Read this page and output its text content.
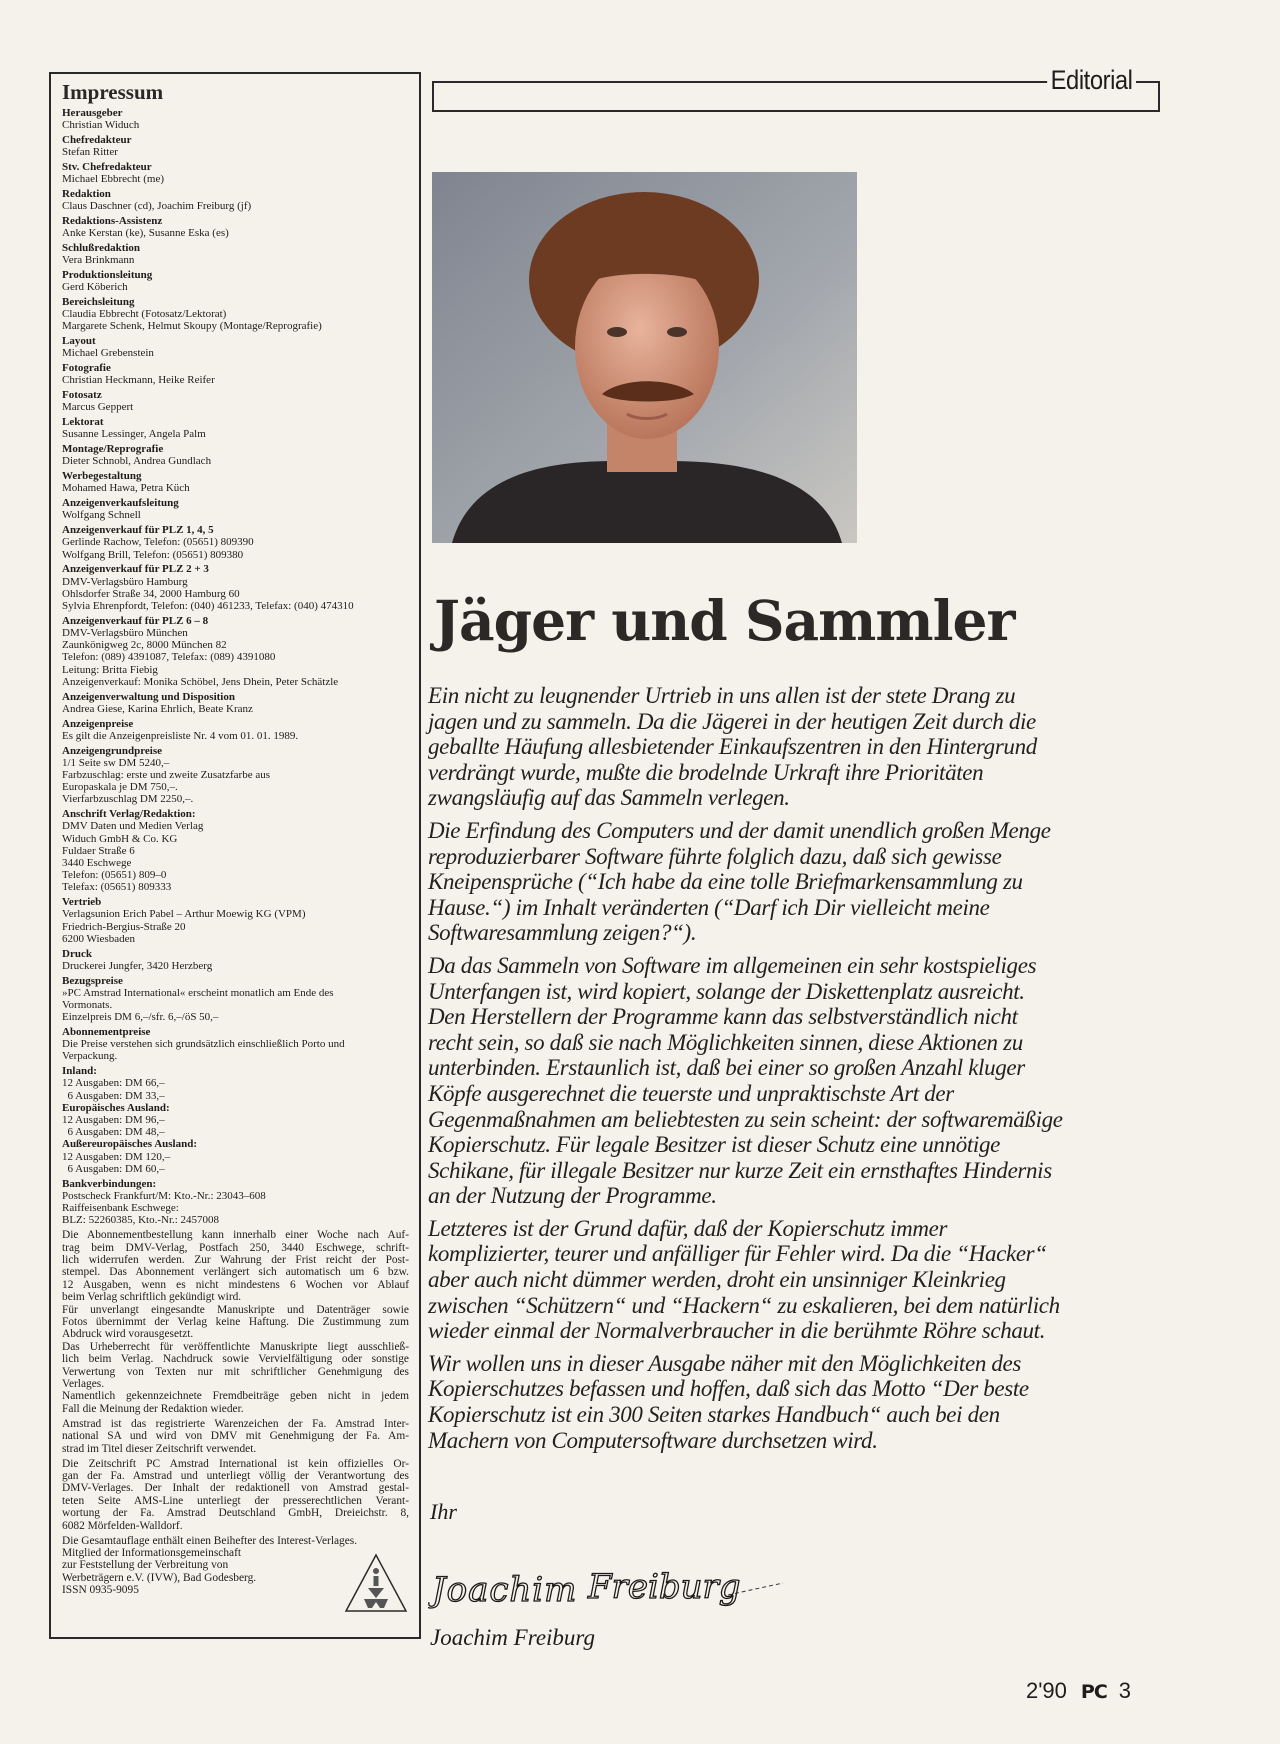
Impressum
Herausgeber
Christian Widuch
Chefredakteur
Stefan Ritter
Stv. Chefredakteur
Michael Ebbrecht (me)
Redaktion
Claus Daschner (cd), Joachim Freiburg (jf)
Redaktions-Assistenz
Anke Kerstan (ke), Susanne Eska (es)
Schlußredaktion
Vera Brinkmann
Produktionsleitung
Gerd Köberich
Bereichsleitung
Claudia Ebbrecht (Fotosatz/Lektorat)
Margarete Schenk, Helmut Skoupy (Montage/Reprografie)
Layout
Michael Grebenstein
Fotografie
Christian Heckmann, Heike Reifer
Fotosatz
Marcus Geppert
Lektorat
Susanne Lessinger, Angela Palm
Montage/Reprografie
Dieter Schnobl, Andrea Gundlach
Werbegestaltung
Mohamed Hawa, Petra Küch
Anzeigenverkaufsleitung
Wolfgang Schnell
Anzeigenverkauf für PLZ 1, 4, 5
Gerlinde Rachow, Telefon: (05651) 809390
Wolfgang Brill, Telefon: (05651) 809380
Anzeigenverkauf für PLZ 2 + 3
DMV-Verlagsbüro Hamburg
Ohlsdorfer Straße 34, 2000 Hamburg 60
Sylvia Ehrenpfordt, Telefon: (040) 461233, Telefax: (040) 474310
Anzeigenverkauf für PLZ 6 – 8
DMV-Verlagsbüro München
Zaunkönigweg 2c, 8000 München 82
Telefon: (089) 4391087, Telefax: (089) 4391080
Leitung: Britta Fiebig
Anzeigenverkauf: Monika Schöbel, Jens Dhein, Peter Schätzle
Anzeigenverwaltung und Disposition
Andrea Giese, Karina Ehrlich, Beate Kranz
Anzeigenpreise
Es gilt die Anzeigenpreisliste Nr. 4 vom 01. 01. 1989.
Anzeigengrundpreise
1/1 Seite sw DM 5240,–
Farbzuschlag: erste und zweite Zusatzfarbe aus
Europaskala je DM 750,–.
Vierfarbzuschlag DM 2250,–.
Anschrift Verlag/Redaktion:
DMV Daten und Medien Verlag
Widuch GmbH & Co. KG
Fuldaer Straße 6
3440 Eschwege
Telefon: (05651) 809–0
Telefax: (05651) 809333
Vertrieb
Verlagsunion Erich Pabel – Arthur Moewig KG (VPM)
Friedrich-Bergius-Straße 20
6200 Wiesbaden
Druck
Druckerei Jungfer, 3420 Herzberg
Bezugspreise
»PC Amstrad International« erscheint monatlich am Ende des
Vormonats.
Einzelpreis DM 6,–/sfr. 6,–/öS 50,–
Abonnementpreise
Die Preise verstehen sich grundsätzlich einschließlich Porto und
Verpackung.
Inland:
12 Ausgaben: DM 66,–
6 Ausgaben: DM 33,–
Europäisches Ausland:
12 Ausgaben: DM 96,–
6 Ausgaben: DM 48,–
Außereuropäisches Ausland:
12 Ausgaben: DM 120,–
6 Ausgaben: DM 60,–
Bankverbindungen:
Postscheck Frankfurt/M: Kto.-Nr.: 23043–608
Raiffeisenbank Eschwege:
BLZ: 52260385, Kto.-Nr.: 2457008
Die Abonnementbestellung kann innerhalb einer Woche nach Auf-
trag beim DMV-Verlag, Postfach 250, 3440 Eschwege, schrift-
lich widerrufen werden. Zur Wahrung der Frist reicht der Post-
stempel. Das Abonnement verlängert sich automatisch um 6 bzw.
12 Ausgaben, wenn es nicht mindestens 6 Wochen vor Ablauf
beim Verlag schriftlich gekündigt wird.
Für unverlangt eingesandte Manuskripte und Datenträger sowie
Fotos übernimmt der Verlag keine Haftung. Die Zustimmung zum
Abdruck wird vorausgesetzt.
Das Urheberrecht für veröffentlichte Manuskripte liegt ausschließ-
lich beim Verlag. Nachdruck sowie Vervielfältigung oder sonstige
Verwertung von Texten nur mit schriftlicher Genehmigung des
Verlages.
Namentlich gekennzeichnete Fremdbeiträge geben nicht in jedem
Fall die Meinung der Redaktion wieder.
Amstrad ist das registrierte Warenzeichen der Fa. Amstrad Inter-
national SA und wird von DMV mit Genehmigung der Fa. Am-
strad im Titel dieser Zeitschrift verwendet.
Die Zeitschrift PC Amstrad International ist kein offizielles Or-
gan der Fa. Amstrad und unterliegt völlig der Verantwortung des
DMV-Verlages. Der Inhalt der redaktionell von Amstrad gestal-
teten Seite AMS-Line unterliegt der presserechtlichen Verant-
wortung der Fa. Amstrad Deutschland GmbH, Dreieichstr. 8,
6082 Mörfelden-Walldorf.
Die Gesamtauflage enthält einen Beihefter des Interest-Verlages.
Mitglied der Informationsgemeinschaft
zur Feststellung der Verbreitung von
Werbeträgern e.V. (IVW), Bad Godesberg.
ISSN 0935-9095
Editorial
Jäger und Sammler
Ein nicht zu leugnender Urtrieb in uns allen ist der stete Drang zu
jagen und zu sammeln. Da die Jägerei in der heutigen Zeit durch die
geballte Häufung allesbietender Einkaufszentren in den Hintergrund
verdrängt wurde, mußte die brodelnde Urkraft ihre Prioritäten
zwangsläufig auf das Sammeln verlegen.
Die Erfindung des Computers und der damit unendlich großen Menge
reproduzierbarer Software führte folglich dazu, daß sich gewisse
Kneipensprüche (“Ich habe da eine tolle Briefmarkensammlung zu
Hause.“) im Inhalt veränderten (“Darf ich Dir vielleicht meine
Softwaresammlung zeigen?“).
Da das Sammeln von Software im allgemeinen ein sehr kostspieliges
Unterfangen ist, wird kopiert, solange der Diskettenplatz ausreicht.
Den Herstellern der Programme kann das selbstverständlich nicht
recht sein, so daß sie nach Möglichkeiten sinnen, diese Aktionen zu
unterbinden. Erstaunlich ist, daß bei einer so großen Anzahl kluger
Köpfe ausgerechnet die teuerste und unpraktischste Art der
Gegenmaßnahmen am beliebtesten zu sein scheint: der softwaremäßige
Kopierschutz. Für legale Besitzer ist dieser Schutz eine unnötige
Schikane, für illegale Besitzer nur kurze Zeit ein ernsthaftes Hindernis
an der Nutzung der Programme.
Letzteres ist der Grund dafür, daß der Kopierschutz immer
komplizierter, teurer und anfälliger für Fehler wird. Da die “Hacker“
aber auch nicht dümmer werden, droht ein unsinniger Kleinkrieg
zwischen “Schützern“ und “Hackern“ zu eskalieren, bei dem natürlich
wieder einmal der Normalverbraucher in die berühmte Röhre schaut.
Wir wollen uns in dieser Ausgabe näher mit den Möglichkeiten des
Kopierschutzes befassen und hoffen, daß sich das Motto “Der beste
Kopierschutz ist ein 300 Seiten starkes Handbuch“ auch bei den
Machern von Computersoftware durchsetzen wird.
Ihr
Joachim Freiburg
Joachim Freiburg
2'90 PC 3
